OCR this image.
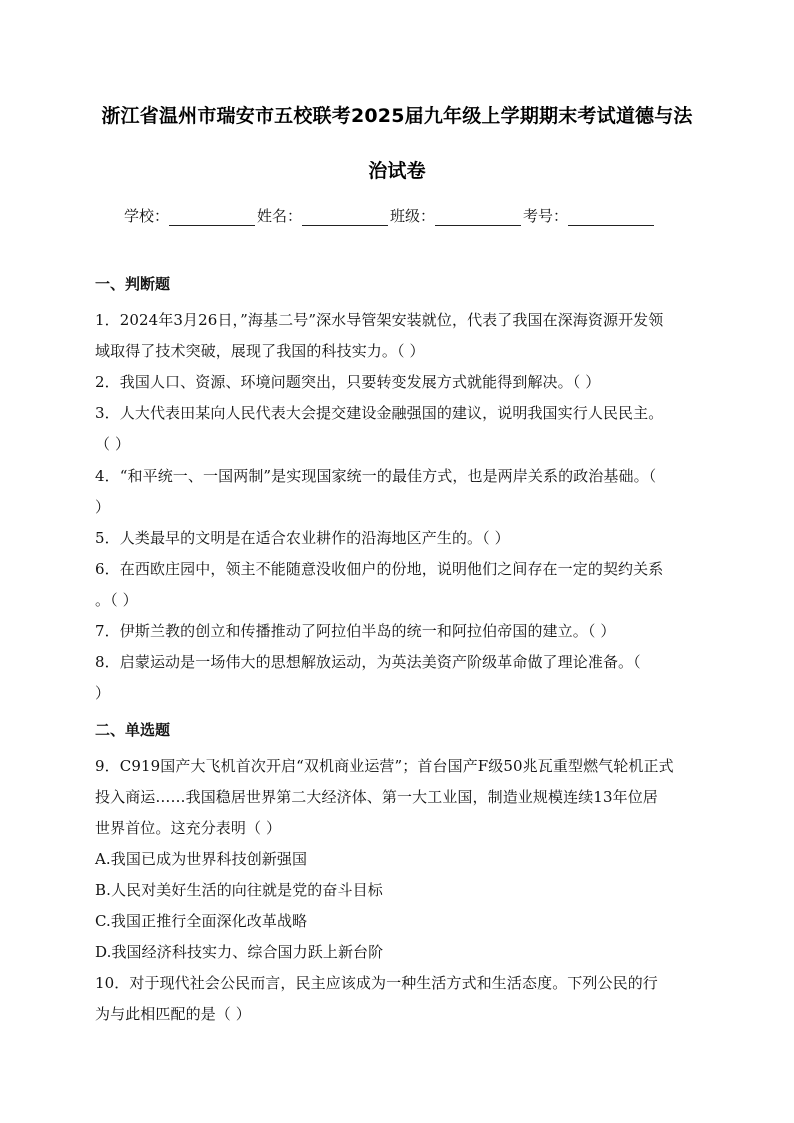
浙江省温州市瑞安市五校联考2025届九年级上学期期末考试道德与法
治试卷
学校：	姓名：	班级：	考号：
一、判断题
1．2024年3月26日，”海基二号”深水导管架安装就位，代表了我国在深海资源开发领
域取得了技术突破，展现了我国的科技实力。（ ）
2．我国人口、资源、环境问题突出，只要转变发展方式就能得到解决。（ ）
3．人大代表田某向人民代表大会提交建设金融强国的建议，说明我国实行人民民主。
（ ）
4．“和平统一、一国两制”是实现国家统一的最佳方式，也是两岸关系的政治基础。（
）
5．人类最早的文明是在适合农业耕作的沿海地区产生的。（ ）
6．在西欧庄园中，领主不能随意没收佃户的份地，说明他们之间存在一定的契约关系
。（ ）
7．伊斯兰教的创立和传播推动了阿拉伯半岛的统一和阿拉伯帝国的建立。（ ）
8．启蒙运动是一场伟大的思想解放运动，为英法美资产阶级革命做了理论准备。（
）
二、单选题
9．C919国产大飞机首次开启“双机商业运营”；首台国产F级50兆瓦重型燃气轮机正式
投入商运……我国稳居世界第二大经济体、第一大工业国，制造业规模连续13年位居
世界首位。这充分表明（ ）
A.我国已成为世界科技创新强国
B.人民对美好生活的向往就是党的奋斗目标
C.我国正推行全面深化改革战略
D.我国经济科技实力、综合国力跃上新台阶
10．对于现代社会公民而言，民主应该成为一种生活方式和生活态度。下列公民的行
为与此相匹配的是（ ）
